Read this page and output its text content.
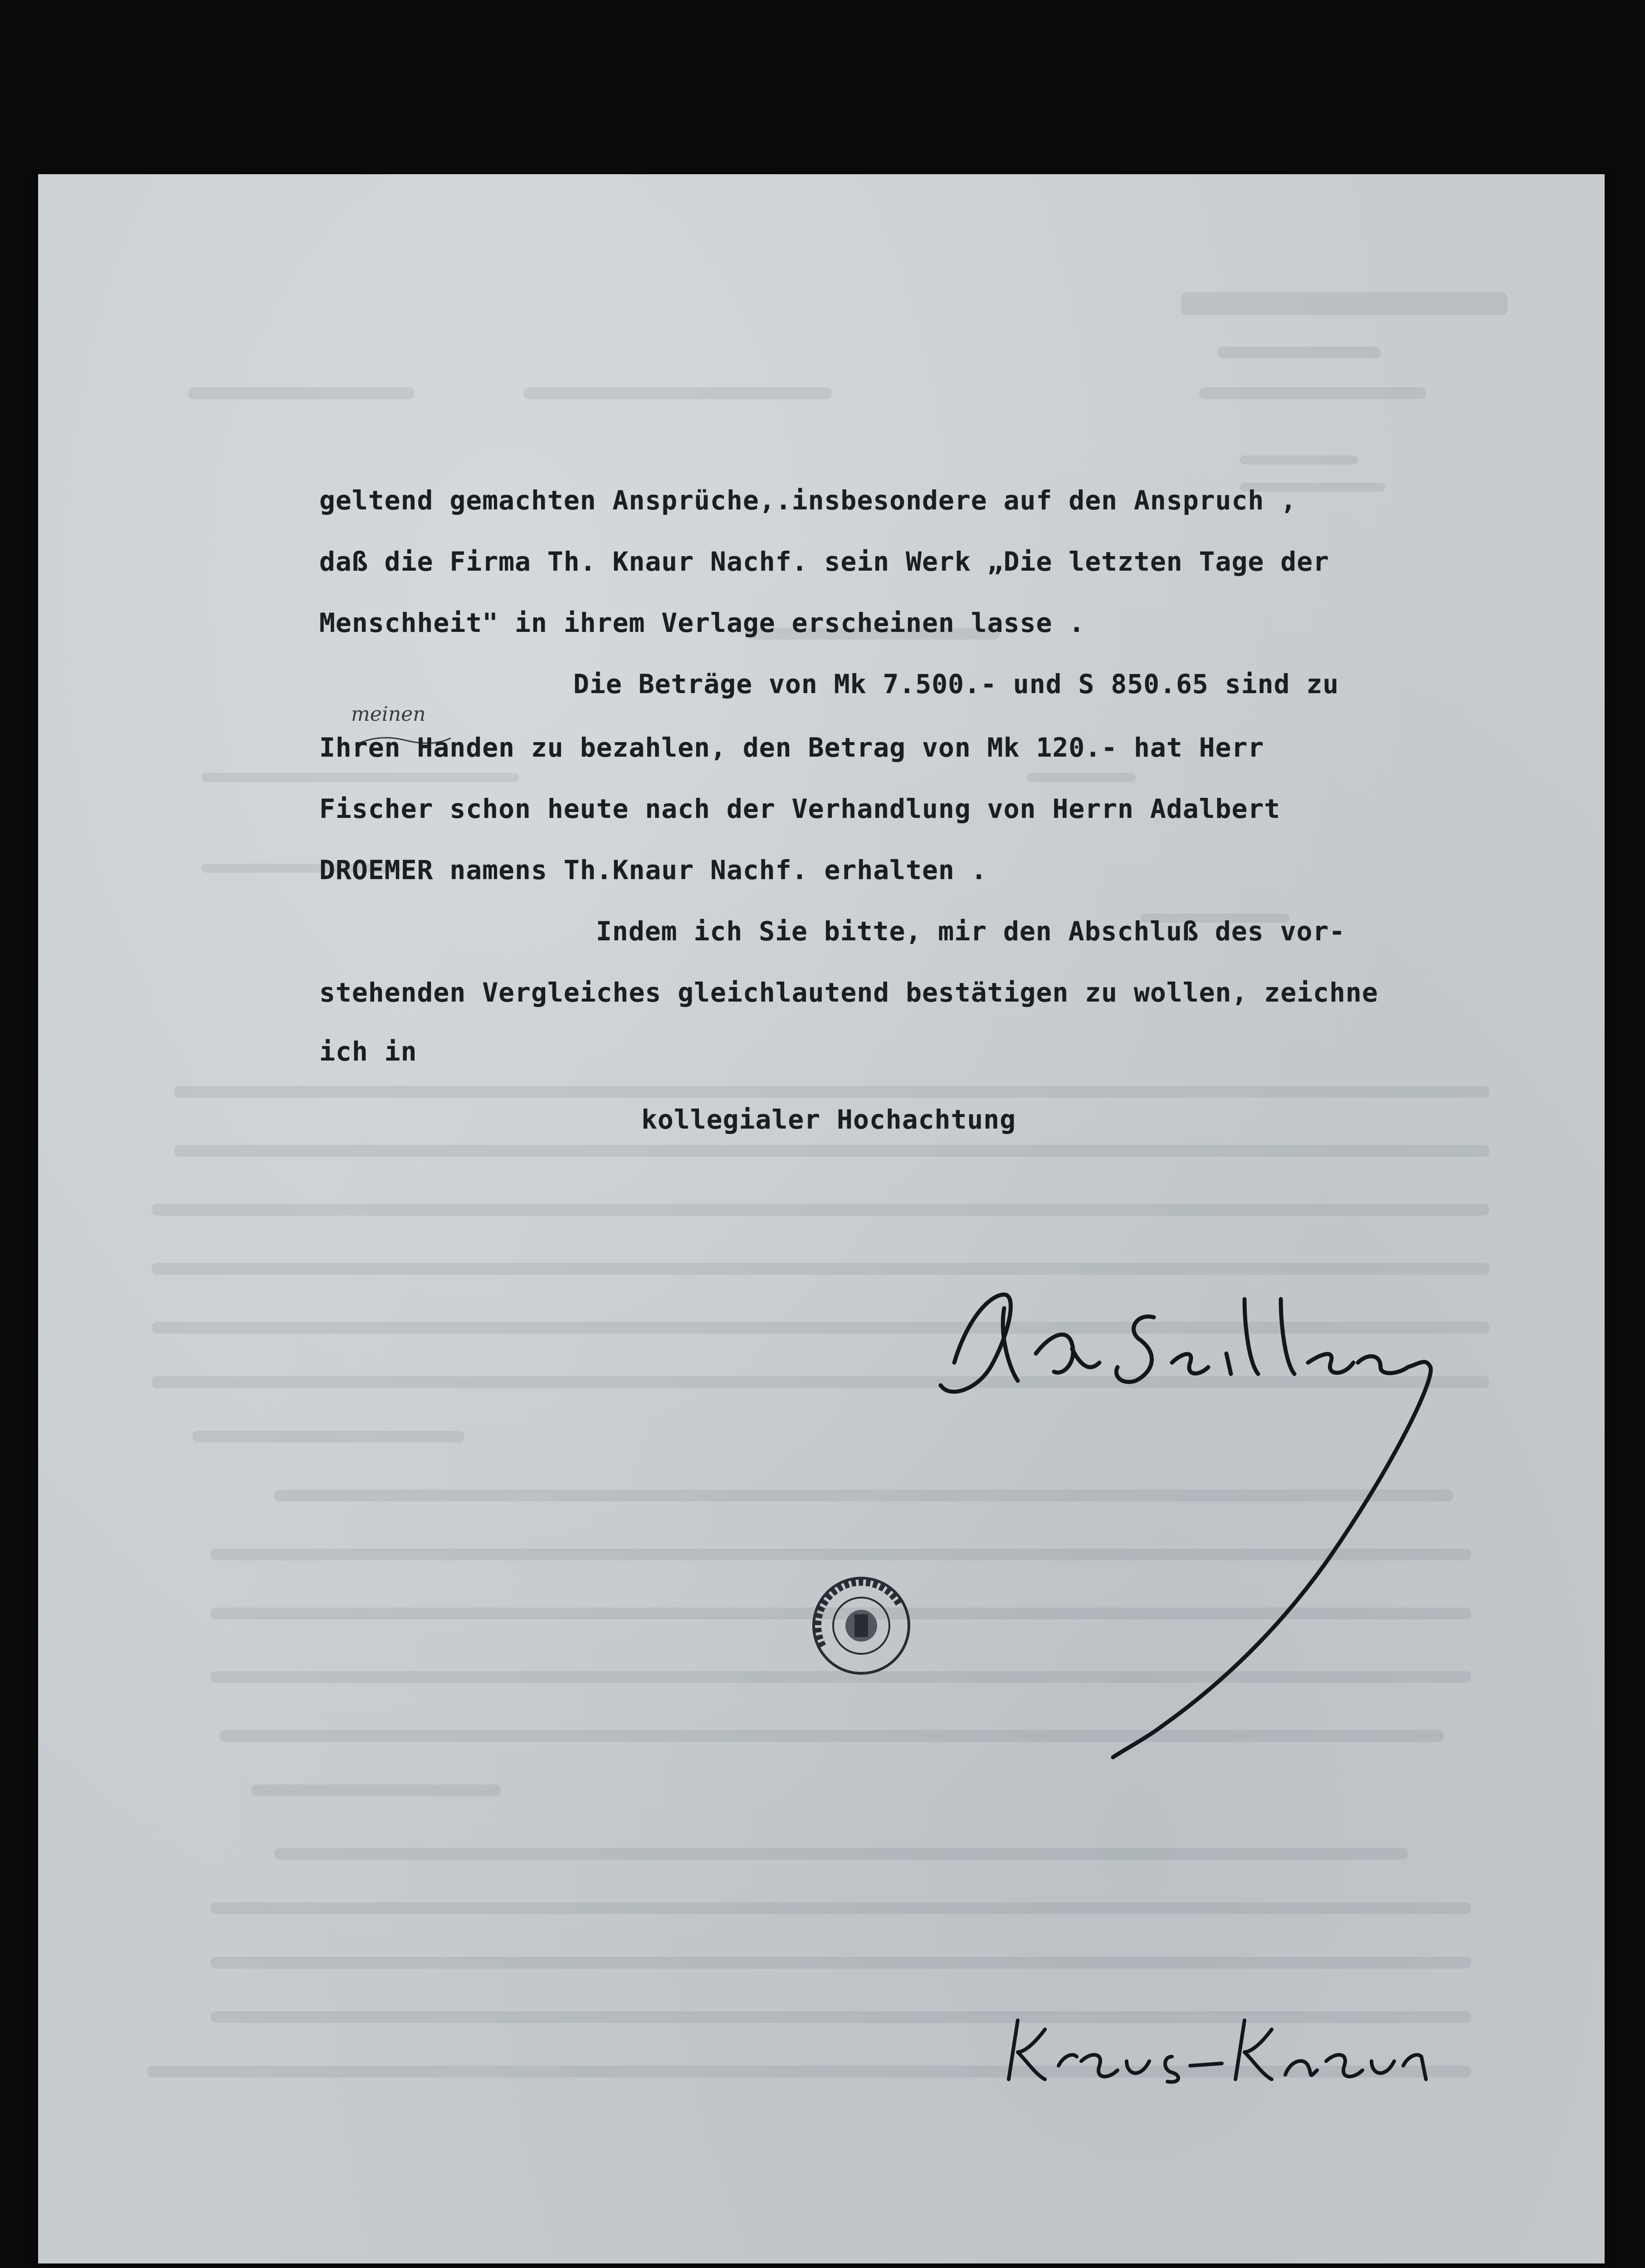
geltend gemachten Ansprüche,.insbesondere auf den Anspruch ,
daß die Firma Th. Knaur Nachf. sein Werk „Die letzten Tage der
Menschheit" in ihrem Verlage erscheinen lasse .
Die Beträge von Mk 7.500.- und S 850.65 sind zu
meinen
Ihren Handen zu bezahlen, den Betrag von Mk 120.- hat Herr
Fischer schon heute nach der Verhandlung von Herrn Adalbert
DROEMER namens Th.Knaur Nachf. erhalten .
Indem ich Sie bitte, mir den Abschluß des vor-
stehenden Vergleiches gleichlautend bestätigen zu wollen, zeichne
ich in
kollegialer Hochachtung
